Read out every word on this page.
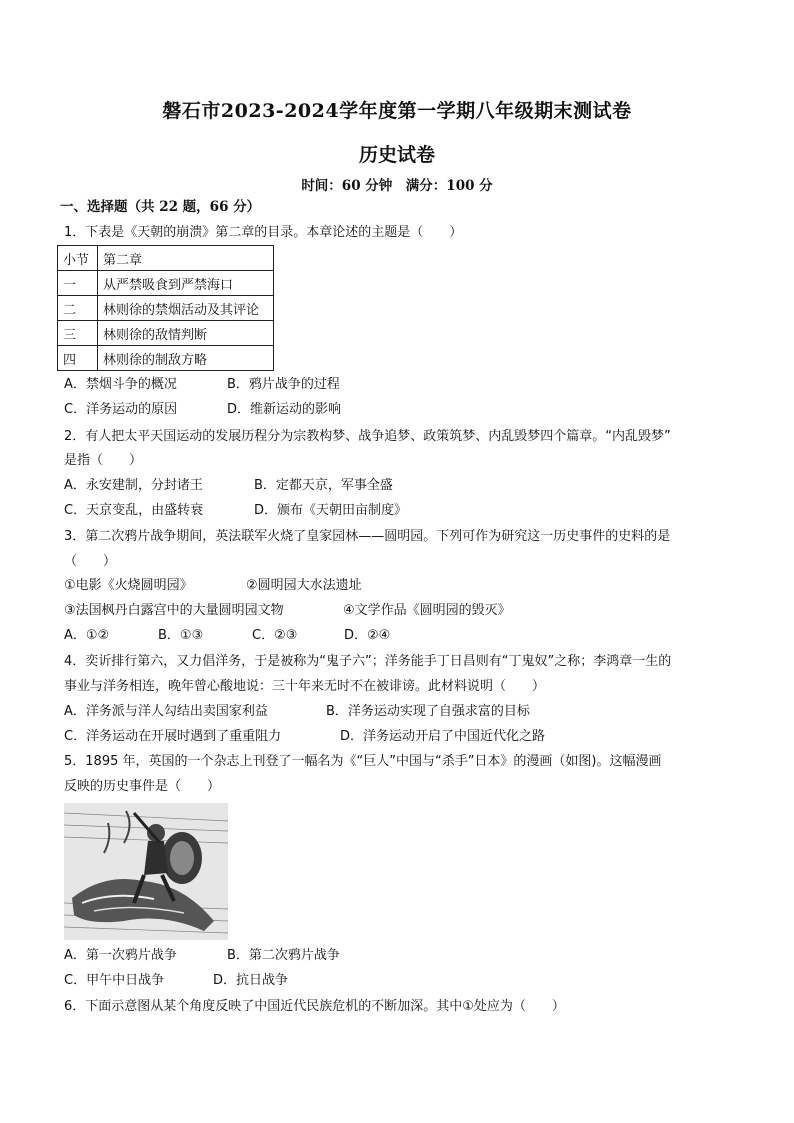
磐石市2023-2024学年度第一学期八年级期末测试卷
历史试卷
时间：60 分钟　满分：100 分
一、选择题（共 22 题，66 分）
1．下表是《天朝的崩溃》第二章的目录。本章论述的主题是（　　）
小节	第二章
一	从严禁吸食到严禁海口
二	林则徐的禁烟活动及其评论
三	林则徐的敌情判断
四	林则徐的制敌方略
A．禁烟斗争的概况	B．鸦片战争的过程
C．洋务运动的原因	D．维新运动的影响
2．有人把太平天国运动的发展历程分为宗教构梦、战争追梦、政策筑梦、内乱毁梦四个篇章。“内乱毁梦”
是指（　　）
A．永安建制，分封诸王	B．定都天京，军事全盛
C．天京变乱，由盛转衰	D．颁布《天朝田亩制度》
3．第二次鸦片战争期间，英法联军火烧了皇家园林——圆明园。下列可作为研究这一历史事件的史料的是
（　　）
①电影《火烧圆明园》	②圆明园大水法遗址
③法国枫丹白露宫中的大量圆明园文物	④文学作品《圆明园的毁灭》
A．①②	B．①③	C．②③	D．②④
4．奕䜣排行第六，又力倡洋务，于是被称为“鬼子六”；洋务能手丁日昌则有“丁鬼奴”之称；李鸿章一生的
事业与洋务相连，晚年曾心酸地说：三十年来无时不在被诽谤。此材料说明（　　）
A．洋务派与洋人勾结出卖国家利益	B．洋务运动实现了自强求富的目标
C．洋务运动在开展时遇到了重重阻力	D．洋务运动开启了中国近代化之路
5．1895 年，英国的一个杂志上刊登了一幅名为《“巨人”中国与“杀手”日本》的漫画（如图)。这幅漫画
反映的历史事件是（　　）
A．第一次鸦片战争	B．第二次鸦片战争
C．甲午中日战争	D．抗日战争
6．下面示意图从某个角度反映了中国近代民族危机的不断加深。其中①处应为（　　）
